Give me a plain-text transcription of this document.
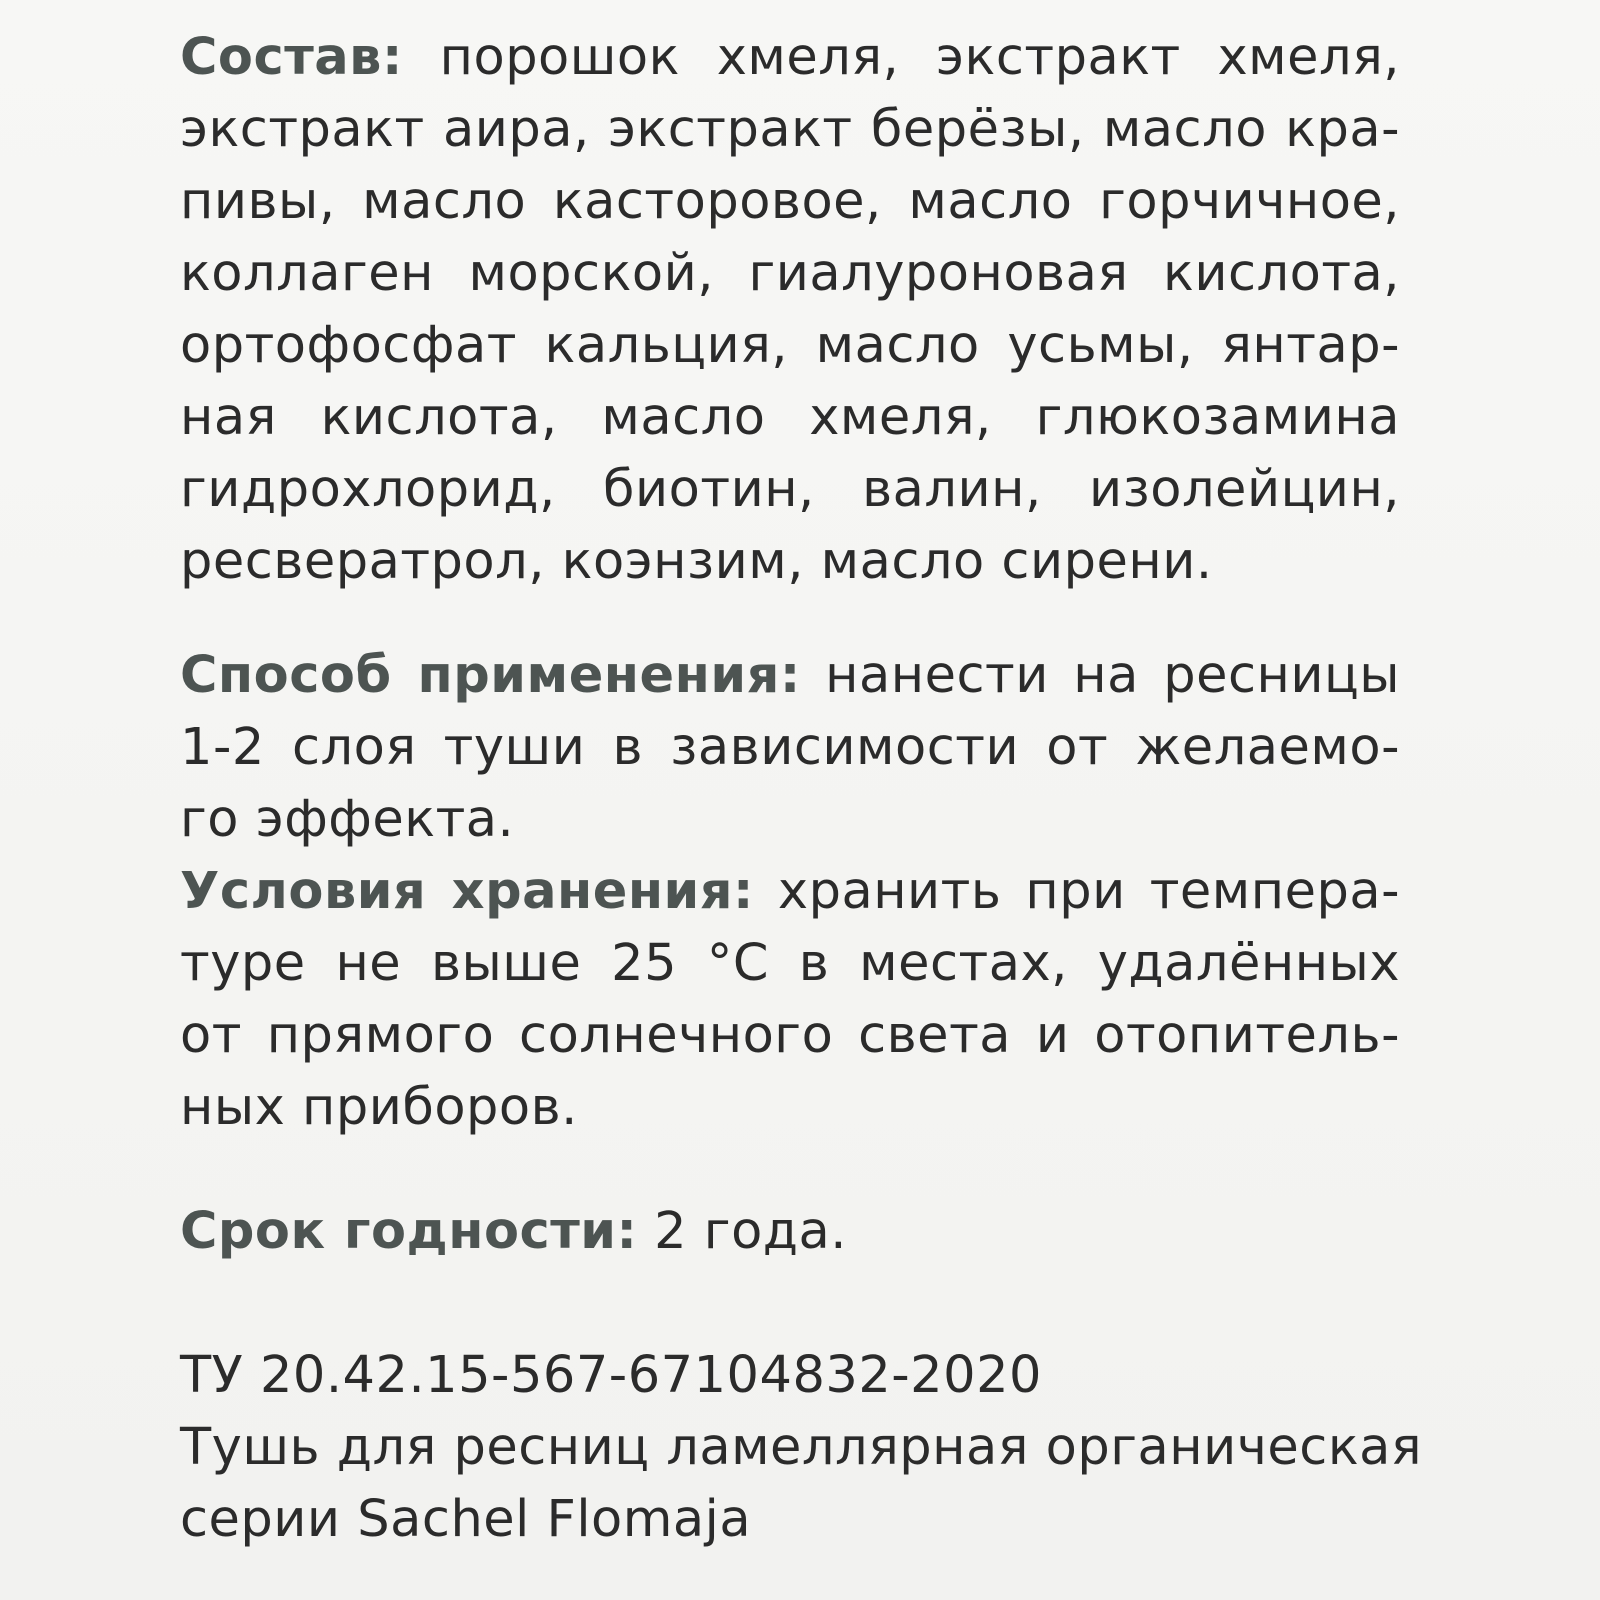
Состав: порошок хмеля, экстракт хмеля,
экстракт аира, экстракт берёзы, масло кра-
пивы, масло касторовое, масло горчичное,
коллаген морской, гиалуроновая кислота,
ортофосфат кальция, масло усьмы, янтар-
ная кислота, масло хмеля, глюкозамина
гидрохлорид, биотин, валин, изолейцин,
ресвератрол, коэнзим, масло сирени.
Способ применения: нанести на ресницы
1-2 слоя туши в зависимости от желаемо-
го эффекта.
Условия хранения: хранить при темпера-
туре не выше 25 °С в местах, удалённых
от прямого солнечного света и отопитель-
ных приборов.
Срок годности: 2 года.
ТУ 20.42.15-567-67104832-2020
Тушь для ресниц ламеллярная органическая
серии Sachel Flomaja
